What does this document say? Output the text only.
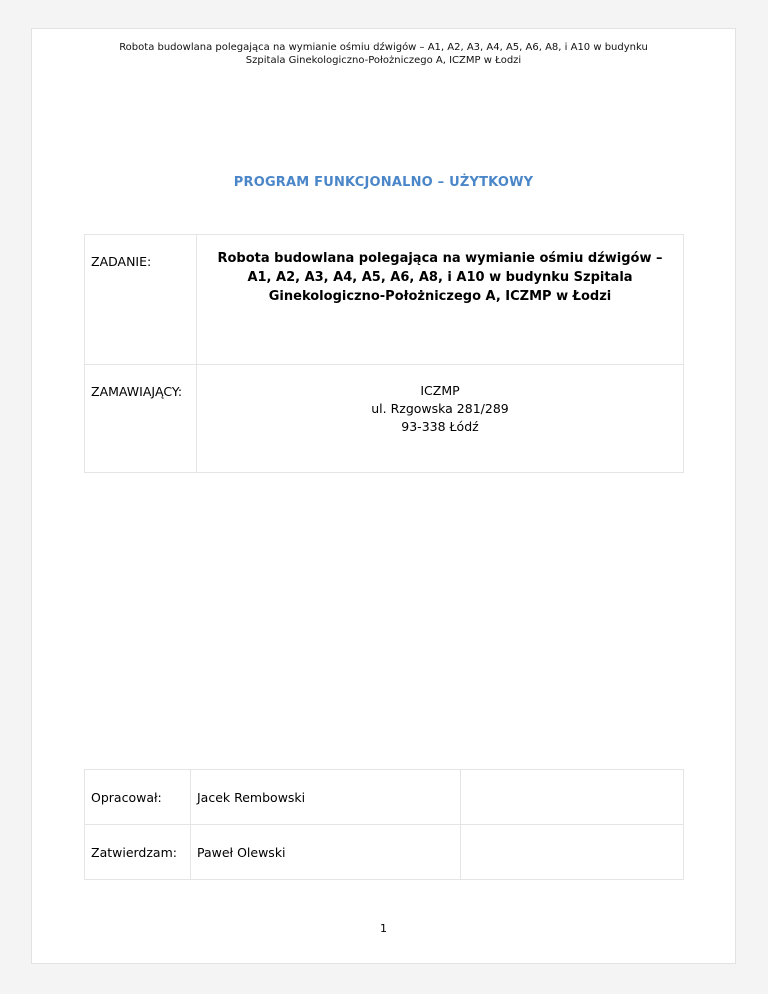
Robota budowlana polegająca na wymianie ośmiu dźwigów – A1, A2, A3, A4, A5, A6, A8, i A10 w budynku
Szpitala Ginekologiczno-Położniczego A, ICZMP w Łodzi
PROGRAM FUNKCJONALNO – UŻYTKOWY
ZADANIE:	Robota budowlana polegająca na wymianie ośmiu dźwigów – A1, A2, A3, A4, A5, A6, A8, i A10 w budynku Szpitala Ginekologiczno-Położniczego A, ICZMP w Łodzi
ZAMAWIAJĄCY:	ICZMP
ul. Rzgowska 281/289
93-338 Łódź
Opracował:	Jacek Rembowski	
Zatwierdzam:	Paweł Olewski	
1
